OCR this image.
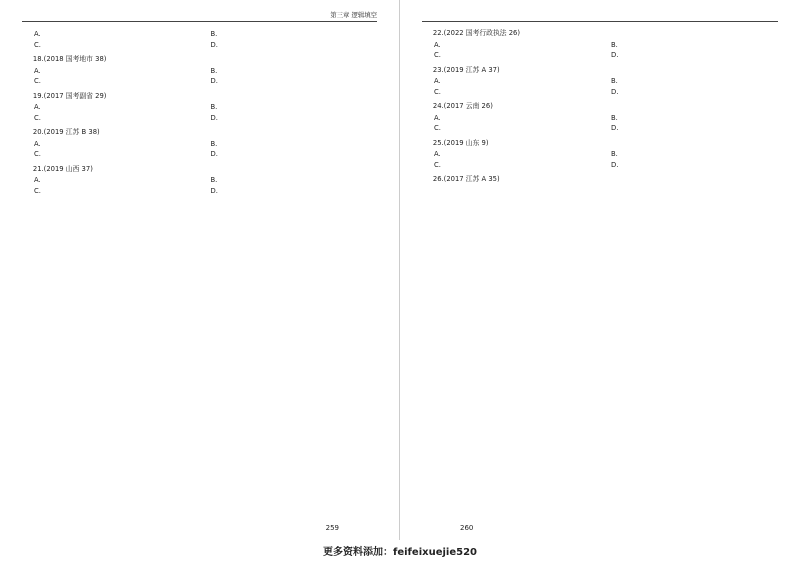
第三章 逻辑填空

A.	B.
C.	D.

18.(2018 国考地市 38)

A.	B.
C.	D.

19.(2017 国考副省 29)

A.	B.
C.	D.

20.(2019 江苏 B 38)

A.	B.
C.	D.

21.(2019 山西 37)

A.	B.
C.	D.
259

22.(2022 国考行政执法 26)

A.	B.
C.	D.

23.(2019 江苏 A 37)

A.	B.
C.	D.

24.(2017 云南 26)

A.	B.
C.	D.

25.(2019 山东 9)

A.	B.
C.	D.

26.(2017 江苏 A 35)

260
更多资料添加：feifeixuejie520
